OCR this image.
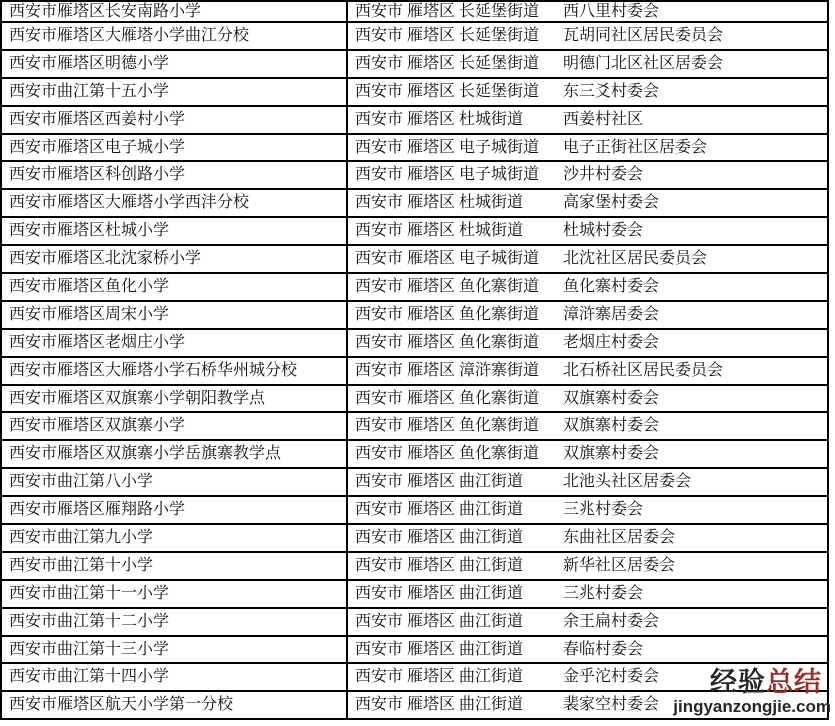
西安市雁塔区长安南路小学	西安市 雁塔区 长延堡街道	西八里村委会
西安市雁塔区大雁塔小学曲江分校	西安市 雁塔区 长延堡街道	瓦胡同社区居民委员会
西安市雁塔区明德小学	西安市 雁塔区 长延堡街道	明德门北区社区居委会
西安市曲江第十五小学	西安市 雁塔区 长延堡街道	东三爻村委会
西安市雁塔区西姜村小学	西安市 雁塔区 杜城街道	西姜村社区
西安市雁塔区电子城小学	西安市 雁塔区 电子城街道	电子正街社区居委会
西安市雁塔区科创路小学	西安市 雁塔区 电子城街道	沙井村委会
西安市雁塔区大雁塔小学西沣分校	西安市 雁塔区 杜城街道	高家堡村委会
西安市雁塔区杜城小学	西安市 雁塔区 杜城街道	杜城村委会
西安市雁塔区北沈家桥小学	西安市 雁塔区 电子城街道	北沈社区居民委员会
西安市雁塔区鱼化小学	西安市 雁塔区 鱼化寨街道	鱼化寨村委会
西安市雁塔区周宋小学	西安市 雁塔区 鱼化寨街道	漳浒寨居委会
西安市雁塔区老烟庄小学	西安市 雁塔区 鱼化寨街道	老烟庄村委会
西安市雁塔区大雁塔小学石桥华州城分校	西安市 雁塔区 漳浒寨街道	北石桥社区居民委员会
西安市雁塔区双旗寨小学朝阳教学点	西安市 雁塔区 鱼化寨街道	双旗寨村委会
西安市雁塔区双旗寨小学	西安市 雁塔区 鱼化寨街道	双旗寨村委会
西安市雁塔区双旗寨小学岳旗寨教学点	西安市 雁塔区 鱼化寨街道	双旗寨村委会
西安市曲江第八小学	西安市 雁塔区 曲江街道	北池头社区居委会
西安市雁塔区雁翔路小学	西安市 雁塔区 曲江街道	三兆村委会
西安市曲江第九小学	西安市 雁塔区 曲江街道	东曲社区居委会
西安市曲江第十小学	西安市 雁塔区 曲江街道	新华社区居委会
西安市曲江第十一小学	西安市 雁塔区 曲江街道	三兆村委会
西安市曲江第十二小学	西安市 雁塔区 曲江街道	余王扁村委会
西安市曲江第十三小学	西安市 雁塔区 曲江街道	春临村委会
西安市曲江第十四小学	西安市 雁塔区 曲江街道	金乎沱村委会
西安市雁塔区航天小学第一分校	西安市 雁塔区 曲江街道	裴家空村委会
经验总结
jingyanzongjie.com
